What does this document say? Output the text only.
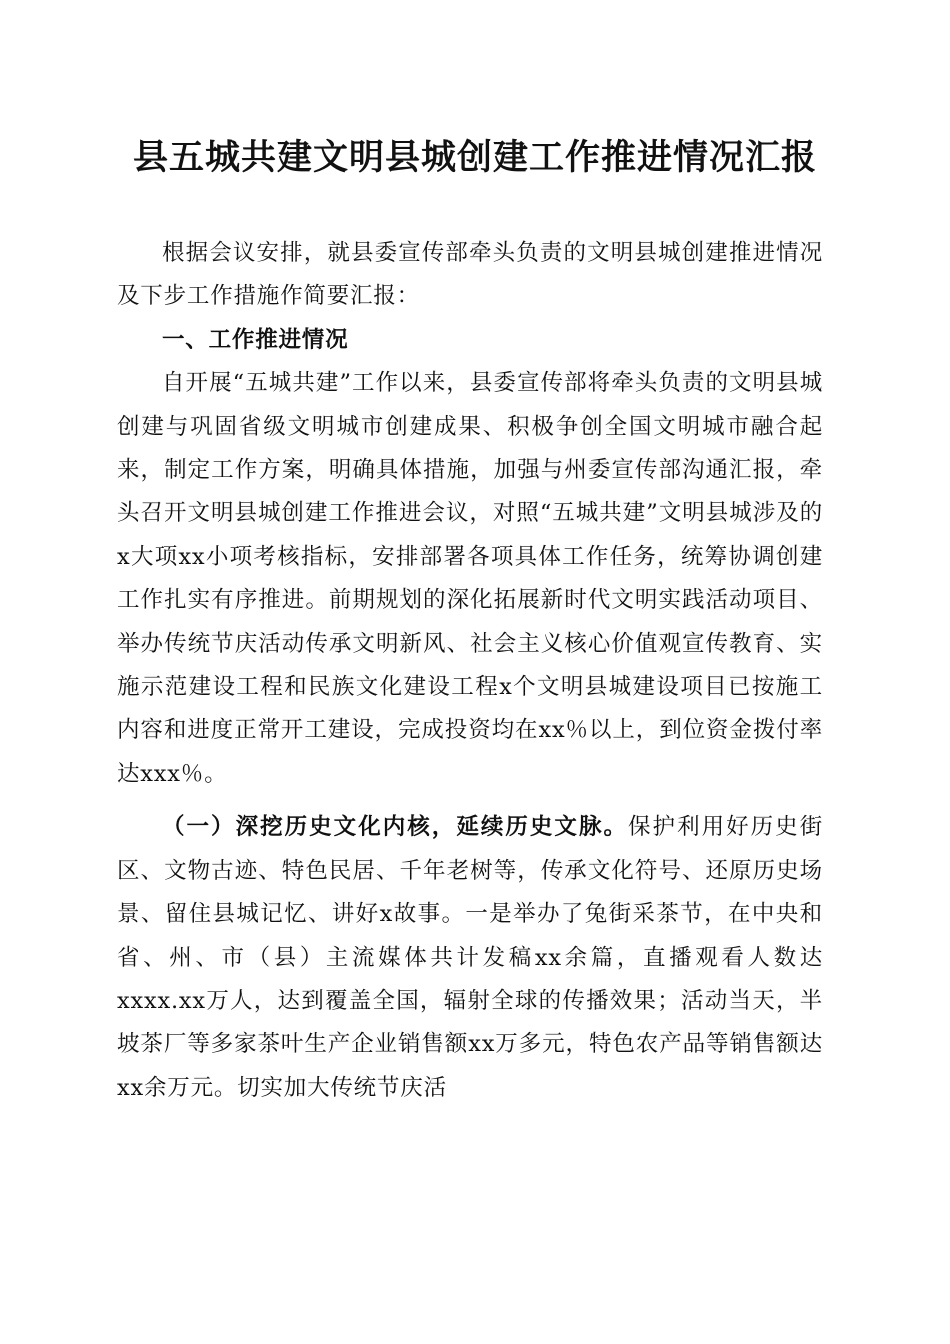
县五城共建文明县城创建工作推进情况汇报

根据会议安排，就县委宣传部牵头负责的文明县城创建推进情况及下步工作措施作简要汇报：

一、工作推进情况

自开展“五城共建”工作以来，县委宣传部将牵头负责的文明县城创建与巩固省级文明城市创建成果、积极争创全国文明城市融合起来，制定工作方案，明确具体措施，加强与州委宣传部沟通汇报，牵头召开文明县城创建工作推进会议，对照“五城共建”文明县城涉及的x大项xx小项考核指标，安排部署各项具体工作任务，统筹协调创建工作扎实有序推进。前期规划的深化拓展新时代文明实践活动项目、举办传统节庆活动传承文明新风、社会主义核心价值观宣传教育、实施示范建设工程和民族文化建设工程x个文明县城建设项目已按施工内容和进度正常开工建设，完成投资均在xx％以上，到位资金拨付率达xxx％。

（一）深挖历史文化内核，延续历史文脉。保护利用好历史街区、文物古迹、特色民居、千年老树等，传承文化符号、还原历史场景、留住县城记忆、讲好x故事。一是举办了兔街采茶节，在中央和省、州、市（县）主流媒体共计发稿xx余篇，直播观看人数达xxxx.xx万人，达到覆盖全国，辐射全球的传播效果；活动当天，半坡茶厂等多家茶叶生产企业销售额xx万多元，特色农产品等销售额达xx余万元。切实加大传统节庆活
